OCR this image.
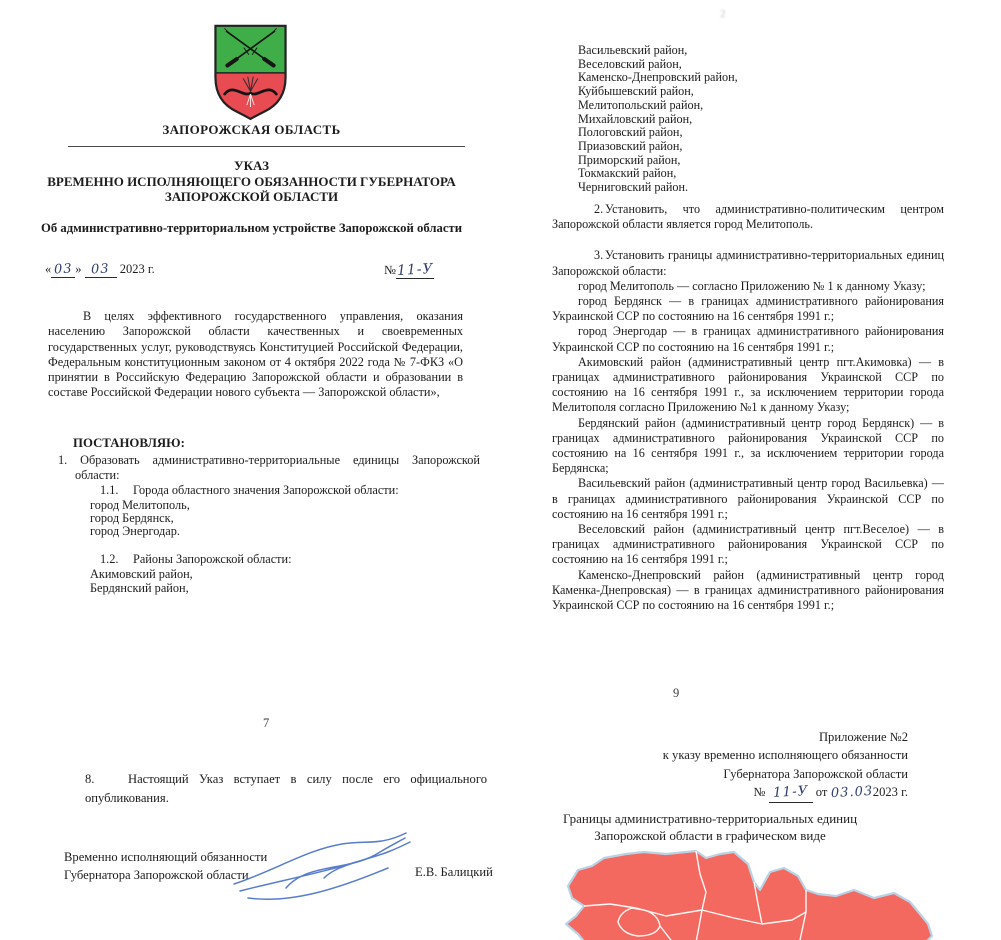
ЗАПОРОЖСКАЯ ОБЛАСТЬ
УКАЗ
ВРЕМЕННО ИСПОЛНЯЮЩЕГО ОБЯЗАННОСТИ ГУБЕРНАТОРА
ЗАПОРОЖСКОЙ ОБЛАСТИ
Об административно-территориальном устройстве Запорожской области
« 03 » 03 2023 г.	№11-У

В целях эффективного государственного управления, оказания населению Запорожской области качественных и своевременных государственных услуг, руководствуясь Конституцией Российской Федерации, Федеральным конституционным законом от 4 октября 2022 года № 7-ФКЗ «О принятии в Российскую Федерацию Запорожской области и образовании в составе Российской Федерации нового субъекта — Запорожской области»,

ПОСТАНОВЛЯЮ:

1. Образовать административно-территориальные единицы Запорожской области:

1.1. Города областного значения Запорожской области:
город Мелитополь,
город Бердянск,
город Энергодар.
1.2. Районы Запорожской области:
Акимовский район,
Бердянский район,
2
Васильевский район,
Веселовский район,
Каменско-Днепровский район,
Куйбышевский район,
Мелитопольский район,
Михайловский район,
Пологовский район,
Приазовский район,
Приморский район,
Токмакский район,
Черниговский район.

2. Установить, что административно-политическим центром Запорожской области является город Мелитополь.

3. Установить границы административно-территориальных единиц Запорожской области:

город Мелитополь — согласно Приложению № 1 к данному Указу;

город Бердянск — в границах административного районирования Украинской ССР по состоянию на 16 сентября 1991 г.;

город Энергодар — в границах административного районирования Украинской ССР по состоянию на 16 сентября 1991 г.;

Акимовский район (административный центр пгт.Акимовка) — в границах административного районирования Украинской ССР по состоянию на 16 сентября 1991 г., за исключением территории города Мелитополя согласно Приложению №1 к данному Указу;

Бердянский район (административный центр город Бердянск) — в границах административного районирования Украинской ССР по состоянию на 16 сентября 1991 г., за исключением территории города Бердянска;

Васильевский район (административный центр город Васильевка) — в границах административного районирования Украинской ССР по состоянию на 16 сентября 1991 г.;

Веселовский район (административный центр пгт.Веселое) — в границах административного районирования Украинской ССР по состоянию на 16 сентября 1991 г.;

Каменско-Днепровский район (административный центр город Каменка-Днепровская) — в границах административного районирования Украинской ССР по состоянию на 16 сентября 1991 г.;

7

8.	Настоящий Указ вступает в силу после его официального опубликования.

Временно исполняющий обязанности
Губернатора Запорожской области	Е.В. Балицкий
9
Приложение №2
к указу временно исполняющего обязанности
Губернатора Запорожской области
№ 11-У от 03.032023 г.
Границы административно-территориальных единиц
Запорожской области в графическом виде
